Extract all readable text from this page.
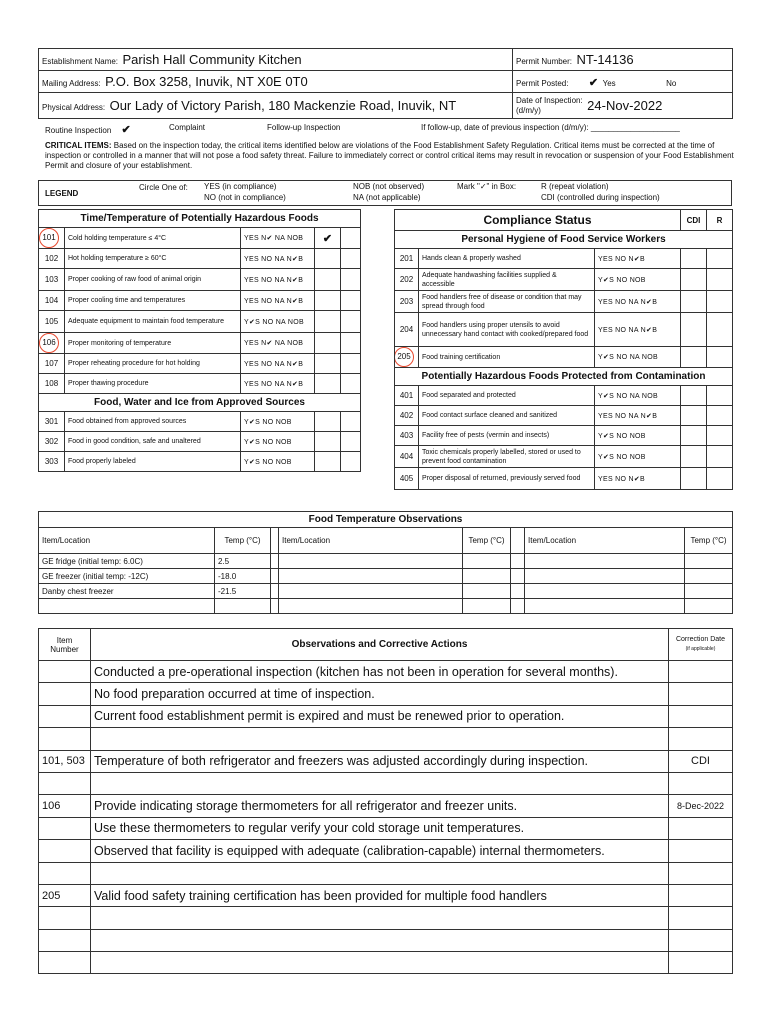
Establishment Name: Parish Hall Community Kitchen	Permit Number: NT-14136
Mailing Address: P.O. Box 3258, Inuvik, NT X0E 0T0	Permit Posted: ✔ Yes No
Physical Address: Our Lady of Victory Parish, 180 Mackenzie Road, Inuvik, NT	Date of Inspection:
(d/m/y) 24-Nov-2022
Routine Inspection ✔	Complaint	Follow-up Inspection	If follow-up, date of previous inspection (d/m/y): ____________________
CRITICAL ITEMS: Based on the inspection today, the critical items identified below are violations of the Food Establishment Safety Regulation. Critical items must be corrected at the time of inspection or controlled in a manner that will not pose a food safety threat. Failure to immediately correct or control critical items may result in revocation or suspension of your Food Establishment Permit and closure of your establishment.
LEGEND
Circle One of:	YES (in compliance)
NO (not in compliance)
NOB (not observed)
NA (not applicable)
Mark "✓" in Box:	R (repeat violation)
CDI (controlled during inspection)
Time/Temperature of Potentially Hazardous Foods					
101	Cold holding temperature ≤ 4°C	YES N✔ NA NOB	✔		
102	Hot holding temperature ≥ 60°C	YES NO NA N✔B			
103	Proper cooking of raw food of animal origin	YES NO NA N✔B			
104	Proper cooling time and temperatures	YES NO NA N✔B			
105	Adequate equipment to maintain food temperature	Y✔S NO NA NOB			
106	Proper monitoring of temperature	YES N✔ NA NOB			
107	Proper reheating procedure for hot holding	YES NO NA N✔B			
108	Proper thawing procedure	YES NO NA N✔B			
Food, Water and Ice from Approved Sources					
301	Food obtained from approved sources	Y✔S NO NOB			
302	Food in good condition, safe and unaltered	Y✔S NO NOB			
303	Food properly labeled	Y✔S NO NOB			
Compliance Status			CDI	R
Personal Hygiene of Food Service Workers				
201	Hands clean & properly washed	YES NO N✔B		
202	Adequate handwashing facilities supplied & accessible	Y✔S NO NOB		
203	Food handlers free of disease or condition that may spread through food	YES NO NA N✔B		
204	Food handlers using proper utensils to avoid unnecessary hand contact with cooked/prepared food	YES NO NA N✔B		
205	Food training certification	Y✔S NO NA NOB		
Potentially Hazardous Foods Protected from Contamination				
401	Food separated and protected	Y✔S NO NA NOB		
402	Food contact surface cleaned and sanitized	YES NO NA N✔B		
403	Facility free of pests (vermin and insects)	Y✔S NO NOB		
404	Toxic chemicals properly labelled, stored or used to prevent food contamination	Y✔S NO NOB		
405	Proper disposal of returned, previously served food	YES NO N✔B		
Food Temperature Observations							
Item/Location	Temp (°C)		Item/Location	Temp (°C)		Item/Location	Temp (°C)
GE fridge (initial temp: 6.0C)	2.5						
GE freezer (initial temp: -12C)	-18.0						
Danby chest freezer	-21.5						

Item Number	Observations and Corrective Actions	Correction Date
(if applicable)
	Conducted a pre-operational inspection (kitchen has not been in operation for several months).	
	No food preparation occurred at time of inspection.	
	Current food establishment permit is expired and must be renewed prior to operation.	

101, 503	Temperature of both refrigerator and freezers was adjusted accordingly during inspection.	CDI

106	Provide indicating storage thermometers for all refrigerator and freezer units.	8-Dec-2022
	Use these thermometers to regular verify your cold storage unit temperatures.	
	Observed that facility is equipped with adequate (calibration-capable) internal thermometers.	

205	Valid food safety training certification has been provided for multiple food handlers	
